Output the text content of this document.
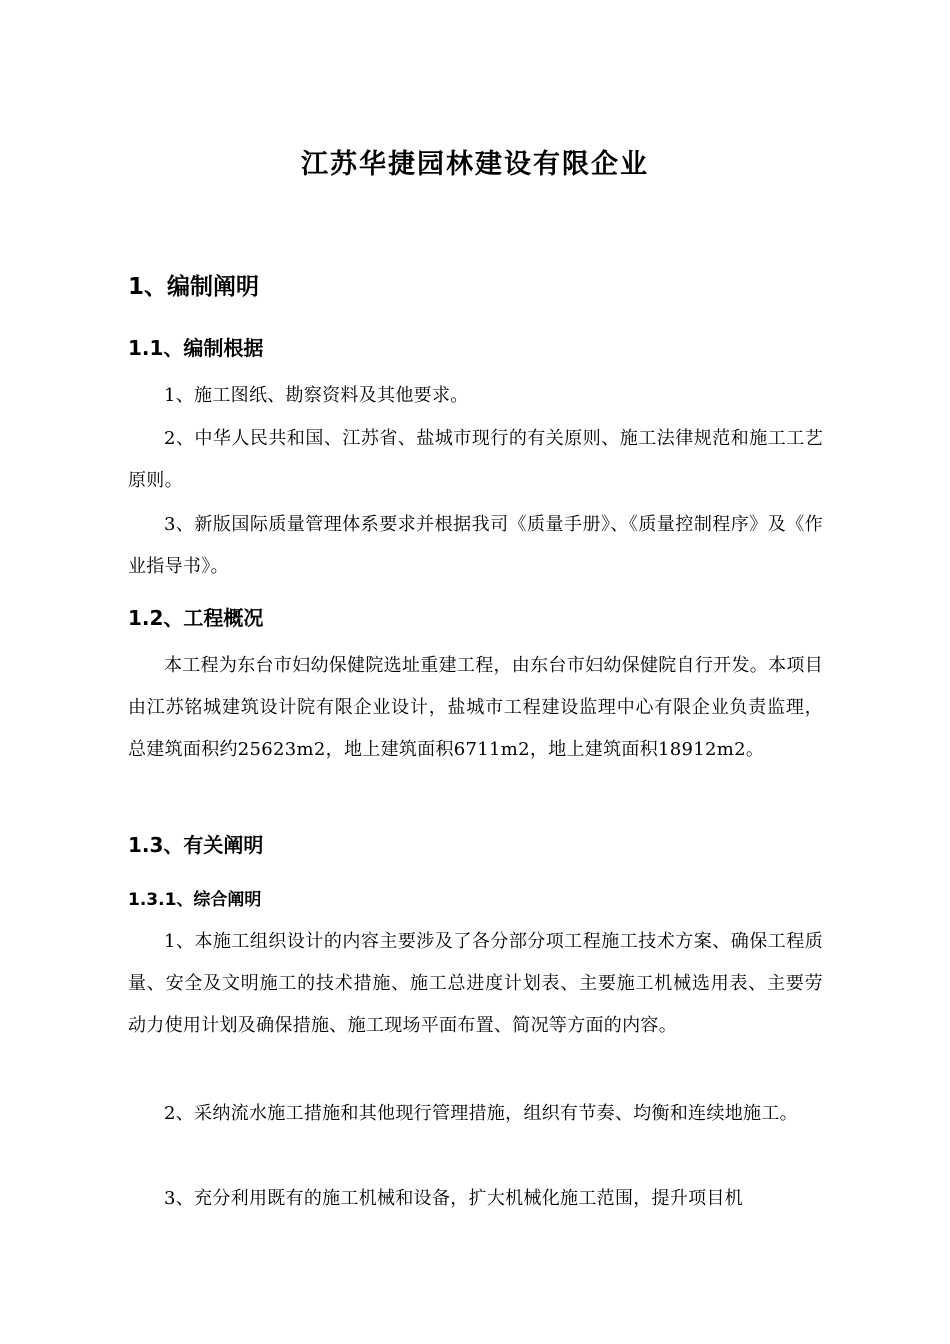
江苏华捷园林建设有限企业
1、编制阐明
1.1、编制根据
1、施工图纸、勘察资料及其他要求。
2、中华人民共和国、江苏省、盐城市现行的有关原则、施工法律规范和施工工艺原则。
3、新版国际质量管理体系要求并根据我司《质量手册》、《质量控制程序》及《作业指导书》。
1.2、工程概况
本工程为东台市妇幼保健院选址重建工程，由东台市妇幼保健院自行开发。本项目由江苏铭城建筑设计院有限企业设计，盐城市工程建设监理中心有限企业负责监理，总建筑面积约25623m2，地上建筑面积6711m2，地上建筑面积18912m2。
1.3、有关阐明
1.3.1、综合阐明
1、本施工组织设计的内容主要涉及了各分部分项工程施工技术方案、确保工程质量、安全及文明施工的技术措施、施工总进度计划表、主要施工机械选用表、主要劳动力使用计划及确保措施、施工现场平面布置、简况等方面的内容。
2、采纳流水施工措施和其他现行管理措施，组织有节奏、均衡和连续地施工。
3、充分利用既有的施工机械和设备，扩大机械化施工范围，提升项目机
